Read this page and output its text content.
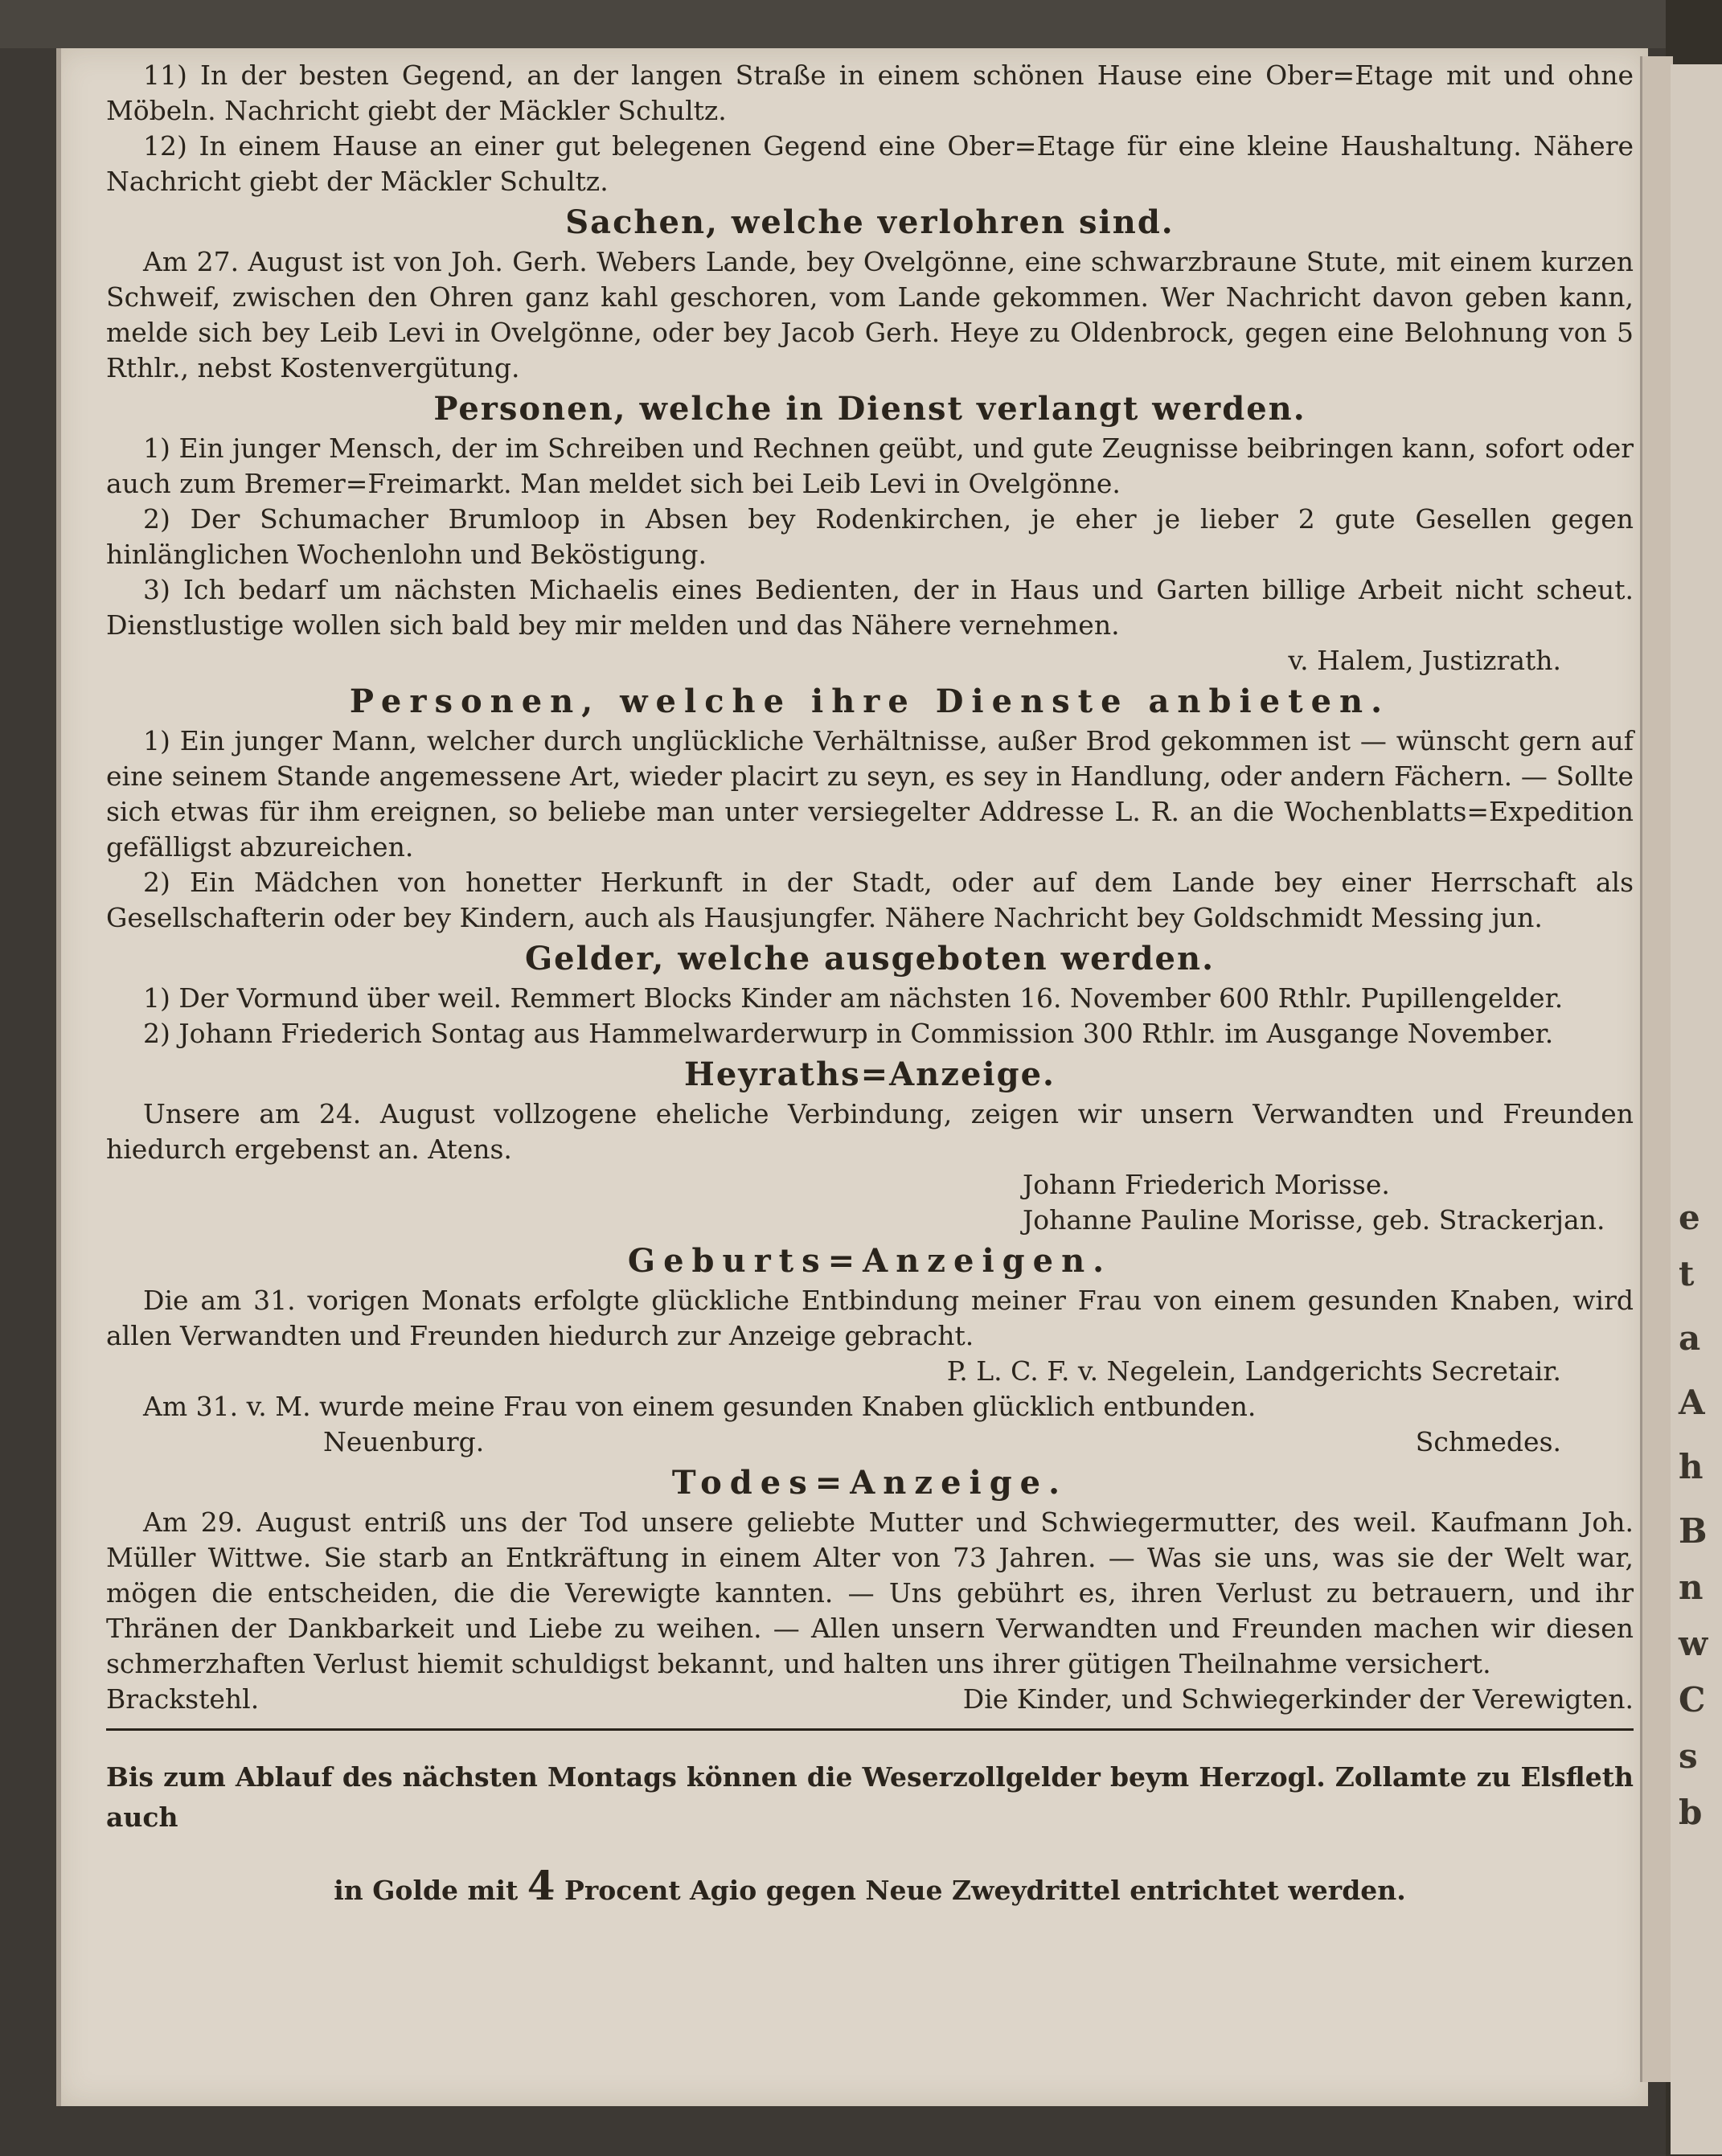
e
t
a
A
h
B
n
w
C
s
b

11) In der besten Gegend, an der langen Straße in einem schönen Hause eine Ober=Etage mit und ohne Möbeln. Nachricht giebt der Mäckler Schultz.

12) In einem Hause an einer gut belegenen Gegend eine Ober=Etage für eine kleine Haushaltung. Nähere Nachricht giebt der Mäckler Schultz.

Sachen, welche verlohren sind.

Am 27. August ist von Joh. Gerh. Webers Lande, bey Ovelgönne, eine schwarzbraune Stute, mit einem kurzen Schweif, zwischen den Ohren ganz kahl geschoren, vom Lande gekommen. Wer Nachricht davon geben kann, melde sich bey Leib Levi in Ovelgönne, oder bey Jacob Gerh. Heye zu Oldenbrock, gegen eine Belohnung von 5 Rthlr., nebst Kostenvergütung.

Personen, welche in Dienst verlangt werden.

1) Ein junger Mensch, der im Schreiben und Rechnen geübt, und gute Zeugnisse beibringen kann, sofort oder auch zum Bremer=Freimarkt. Man meldet sich bei Leib Levi in Ovelgönne.

2) Der Schumacher Brumloop in Absen bey Rodenkirchen, je eher je lieber 2 gute Gesellen gegen hinlänglichen Wochenlohn und Beköstigung.

3) Ich bedarf um nächsten Michaelis eines Bedienten, der in Haus und Garten billige Arbeit nicht scheut. Dienstlustige wollen sich bald bey mir melden und das Nähere vernehmen.

v. Halem, Justizrath.
Personen, welche ihre Dienste anbieten.

1) Ein junger Mann, welcher durch unglückliche Verhältnisse, außer Brod gekommen ist — wünscht gern auf eine seinem Stande angemessene Art, wieder placirt zu seyn, es sey in Handlung, oder andern Fächern. — Sollte sich etwas für ihm ereignen, so beliebe man unter versiegelter Addresse L. R. an die Wochenblatts=Expedition gefälligst abzureichen.

2) Ein Mädchen von honetter Herkunft in der Stadt, oder auf dem Lande bey einer Herrschaft als Gesellschafterin oder bey Kindern, auch als Hausjungfer. Nähere Nachricht bey Goldschmidt Messing jun.

Gelder, welche ausgeboten werden.

1) Der Vormund über weil. Remmert Blocks Kinder am nächsten 16. November 600 Rthlr. Pupillengelder.

2) Johann Friederich Sontag aus Hammelwarderwurp in Commission 300 Rthlr. im Ausgange November.

Heyraths=Anzeige.

Unsere am 24. August vollzogene eheliche Verbindung, zeigen wir unsern Verwandten und Freunden hiedurch ergebenst an. Atens.

Johann Friederich Morisse.
Johanne Pauline Morisse, geb. Strackerjan.
Geburts=Anzeigen.

Die am 31. vorigen Monats erfolgte glückliche Entbindung meiner Frau von einem gesunden Knaben, wird allen Verwandten und Freunden hiedurch zur Anzeige gebracht.

P. L. C. F. v. Negelein, Landgerichts Secretair.

Am 31. v. M. wurde meine Frau von einem gesunden Knaben glücklich entbunden.

Neuenburg.	Schmedes.
Todes=Anzeige.

Am 29. August entriß uns der Tod unsere geliebte Mutter und Schwiegermutter, des weil. Kaufmann Joh. Müller Wittwe. Sie starb an Entkräftung in einem Alter von 73 Jahren. — Was sie uns, was sie der Welt war, mögen die entscheiden, die die Verewigte kannten. — Uns gebührt es, ihren Verlust zu betrauern, und ihr Thränen der Dankbarkeit und Liebe zu weihen. — Allen unsern Verwandten und Freunden machen wir diesen schmerzhaften Verlust hiemit schuldigst bekannt, und halten uns ihrer gütigen Theilnahme versichert.

Brackstehl.	Die Kinder, und Schwiegerkinder der Verewigten.

Bis zum Ablauf des nächsten Montags können die Weserzollgelder beym Herzogl. Zollamte zu Elsfleth auch

in Golde mit 4 Procent Agio gegen Neue Zweydrittel entrichtet werden.
